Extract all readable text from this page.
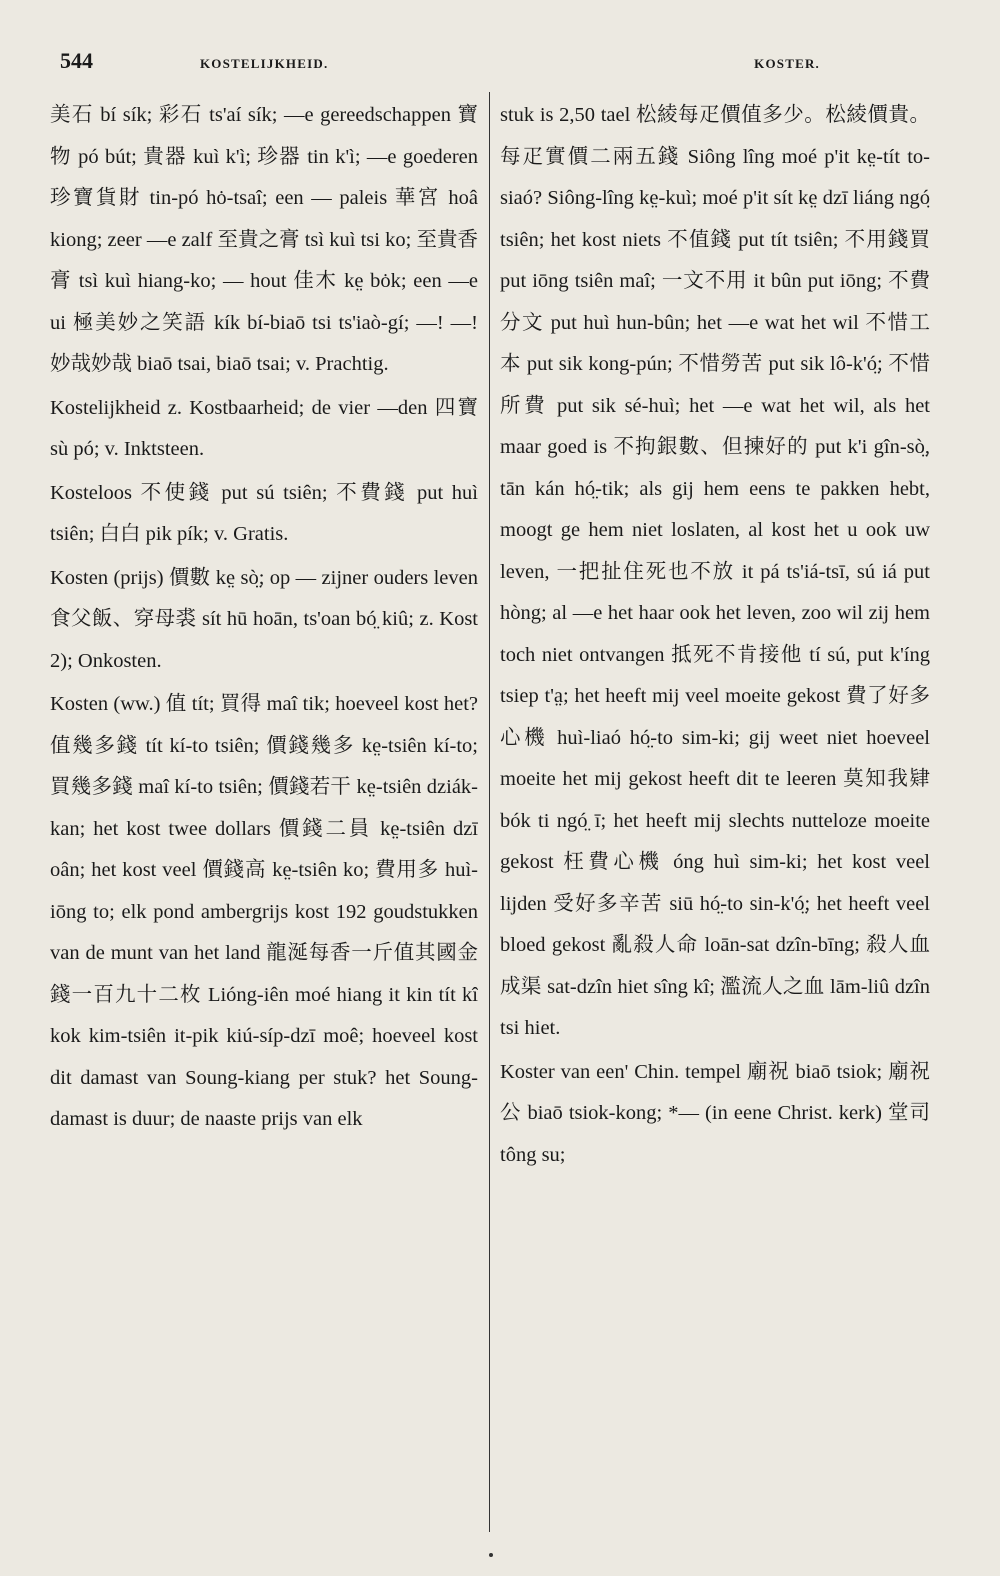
544	KOSTELIJKHEID.	KOSTER.

美石 bí sík; 彩石 ts'aí sík; —e gereedschappen 寶物 pó bút; 貴器 kuì k'ì; 珍器 tin k'ì; —e goederen 珍寶貨財 tin-pó hȯ-tsaî; een — paleis 華宮 hoâ kiong; zeer —e zalf 至貴之膏 tsì kuì tsi ko; 至貴香膏 tsì kuì hiang-ko; — hout 佳木 ke̤ bȯk; een —e ui 極美妙之笑語 kík bí-biaō tsi ts'iaò-gí; —! —! 妙哉妙哉 biaō tsai, biaō tsai; v. Prachtig.

Kostelijkheid z. Kostbaarheid; de vier —den 四寶 sù pó; v. Inktsteen.

Kosteloos 不使錢 put sú tsiên; 不費錢 put huì tsiên; 白白 pik pík; v. Gratis.

Kosten (prijs) 價數 ke̤ sò̤; op — zijner ouders leven 食父飯、穿母裘 sít hū hoān, ts'oan bó̤ kiû; z. Kost 2); Onkosten.

Kosten (ww.) 值 tít; 買得 maî tik; hoeveel kost het? 值幾多錢 tít kí-to tsiên; 價錢幾多 ke̤-tsiên kí-to; 買幾多錢 maî kí-to tsiên; 價錢若干 ke̤-tsiên dziák-kan; het kost twee dollars 價錢二員 ke̤-tsiên dzī oân; het kost veel 價錢高 ke̤-tsiên ko; 費用多 huì-iōng to; elk pond ambergrijs kost 192 goudstukken van de munt van het land 龍涎每香一斤值其國金錢一百九十二枚 Lióng-iên moé hiang it kin tít kî kok kim-tsiên it-pik kiú-síp-dzī moê; hoeveel kost dit damast van Soung-kiang per stuk? het Soung-damast is duur; de naaste prijs van elk

stuk is 2,50 tael 松綾每疋價值多少。松綾價貴。每疋實價二兩五錢 Siông lîng moé p'it ke̤-tít to-siaó? Siông-lîng ke̤-kuì; moé p'it sít ke̤ dzī liáng ngó̤ tsiên; het kost niets 不值錢 put tít tsiên; 不用錢買 put iōng tsiên maî; 一文不用 it bûn put iōng; 不費分文 put huì hun-bûn; het —e wat het wil 不惜工本 put sik kong-pún; 不惜勞苦 put sik lô-k'ó̤; 不惜所費 put sik sé-huì; het —e wat het wil, als het maar goed is 不拘銀數、但揀好的 put k'i gîn-sò̤, tān kán hó̤-tik; als gij hem eens te pakken hebt, moogt ge hem niet loslaten, al kost het u ook uw leven, 一把扯住死也不放 it pá ts'iá-tsī, sú iá put hòng; al —e het haar ook het leven, zoo wil zij hem toch niet ontvangen 抵死不肯接他 tí sú, put k'íng tsiep t'a̤; het heeft mij veel moeite gekost 費了好多心機 huì-liaó hó̤-to sim-ki; gij weet niet hoeveel moeite het mij gekost heeft dit te leeren 莫知我肄 bók ti ngó̤ ī; het heeft mij slechts nutteloze moeite gekost 枉費心機 óng huì sim-ki; het kost veel lijden 受好多辛苦 siū hó̤-to sin-k'ó̤; het heeft veel bloed gekost 亂殺人命 loān-sat dzîn-bīng; 殺人血成渠 sat-dzîn hiet sîng kî; 濫流人之血 lām-liû dzîn tsi hiet.

Koster van een' Chin. tempel 廟祝 biaō tsiok; 廟祝公 biaō tsiok-kong; *— (in eene Christ. kerk) 堂司 tông su;
